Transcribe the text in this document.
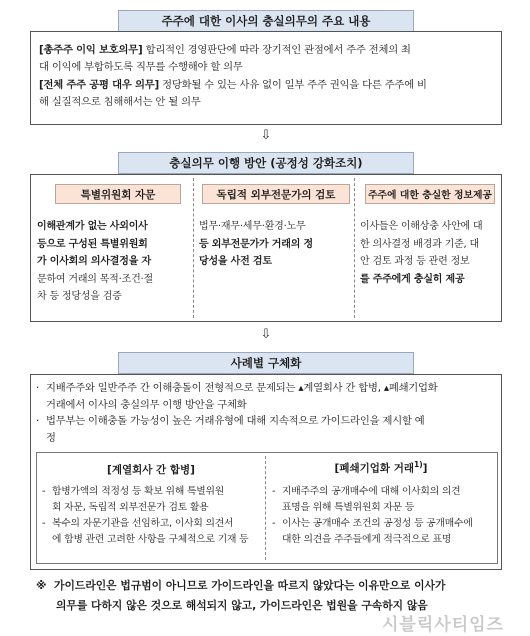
주주에 대한 이사의 충실의무의 주요 내용
[총주주 이익 보호의무] 합리적인 경영판단에 따라 장기적인 관점에서 주주 전체의 최
대 이익에 부합하도록 직무를 수행해야 할 의무
[전체 주주 공평 대우 의무] 정당화될 수 있는 사유 없이 일부 주주 권익을 다른 주주에 비
해 실질적으로 침해해서는 안 될 의무
⇩
충실의무 이행 방안 (공정성 강화조치)
특별위원회 자문	독립적 외부전문가의 검토	주주에 대한 충실한 정보제공
이해관계가 없는 사외이사
등으로 구성된 특별위원회
가 이사회의 의사결정을 자
문하여 거래의 목적·조건·절
차 등 정당성을 검증
법무·재무·세무·환경·노무
등 외부전문가가 거래의 정
당성을 사전 검토
이사들은 이해상충 사안에 대
한 의사결정 배경과 기준, 대
안 검토 과정 등 관련 정보
를 주주에게 충실히 제공
⇩
사례별 구체화
· 지배주주와 일반주주 간 이해충돌이 전형적으로 문제되는 ▴계열회사 간 합병, ▴폐쇄기업화
거래에서 이사의 충실의무 이행 방안을 구체화
· 법무부는 이해충돌 가능성이 높은 거래유형에 대해 지속적으로 가이드라인을 제시할 예
정
[계열회사 간 합병]
- 합병가액의 적정성 등 확보 위해 특별위원
회 자문, 독립적 외부전문가 검토 활용
- 복수의 자문기관을 선임하고, 이사회 의견서
에 합병 관련 고려한 사항을 구체적으로 기재 등
[폐쇄기업화 거래$^{1)}$]
- 지배주주의 공개매수에 대해 이사회의 의견
표명을 위해 특별위원회 자문 등
- 이사는 공개매수 조건의 공정성 등 공개매수에
대한 의견을 주주들에게 적극적으로 표명
※ 가이드라인은 법규범이 아니므로 가이드라인을 따르지 않았다는 이유만으로 이사가
의무를 다하지 않은 것으로 해석되지 않고, 가이드라인은 법원을 구속하지 않음
시블릭사티임즈
